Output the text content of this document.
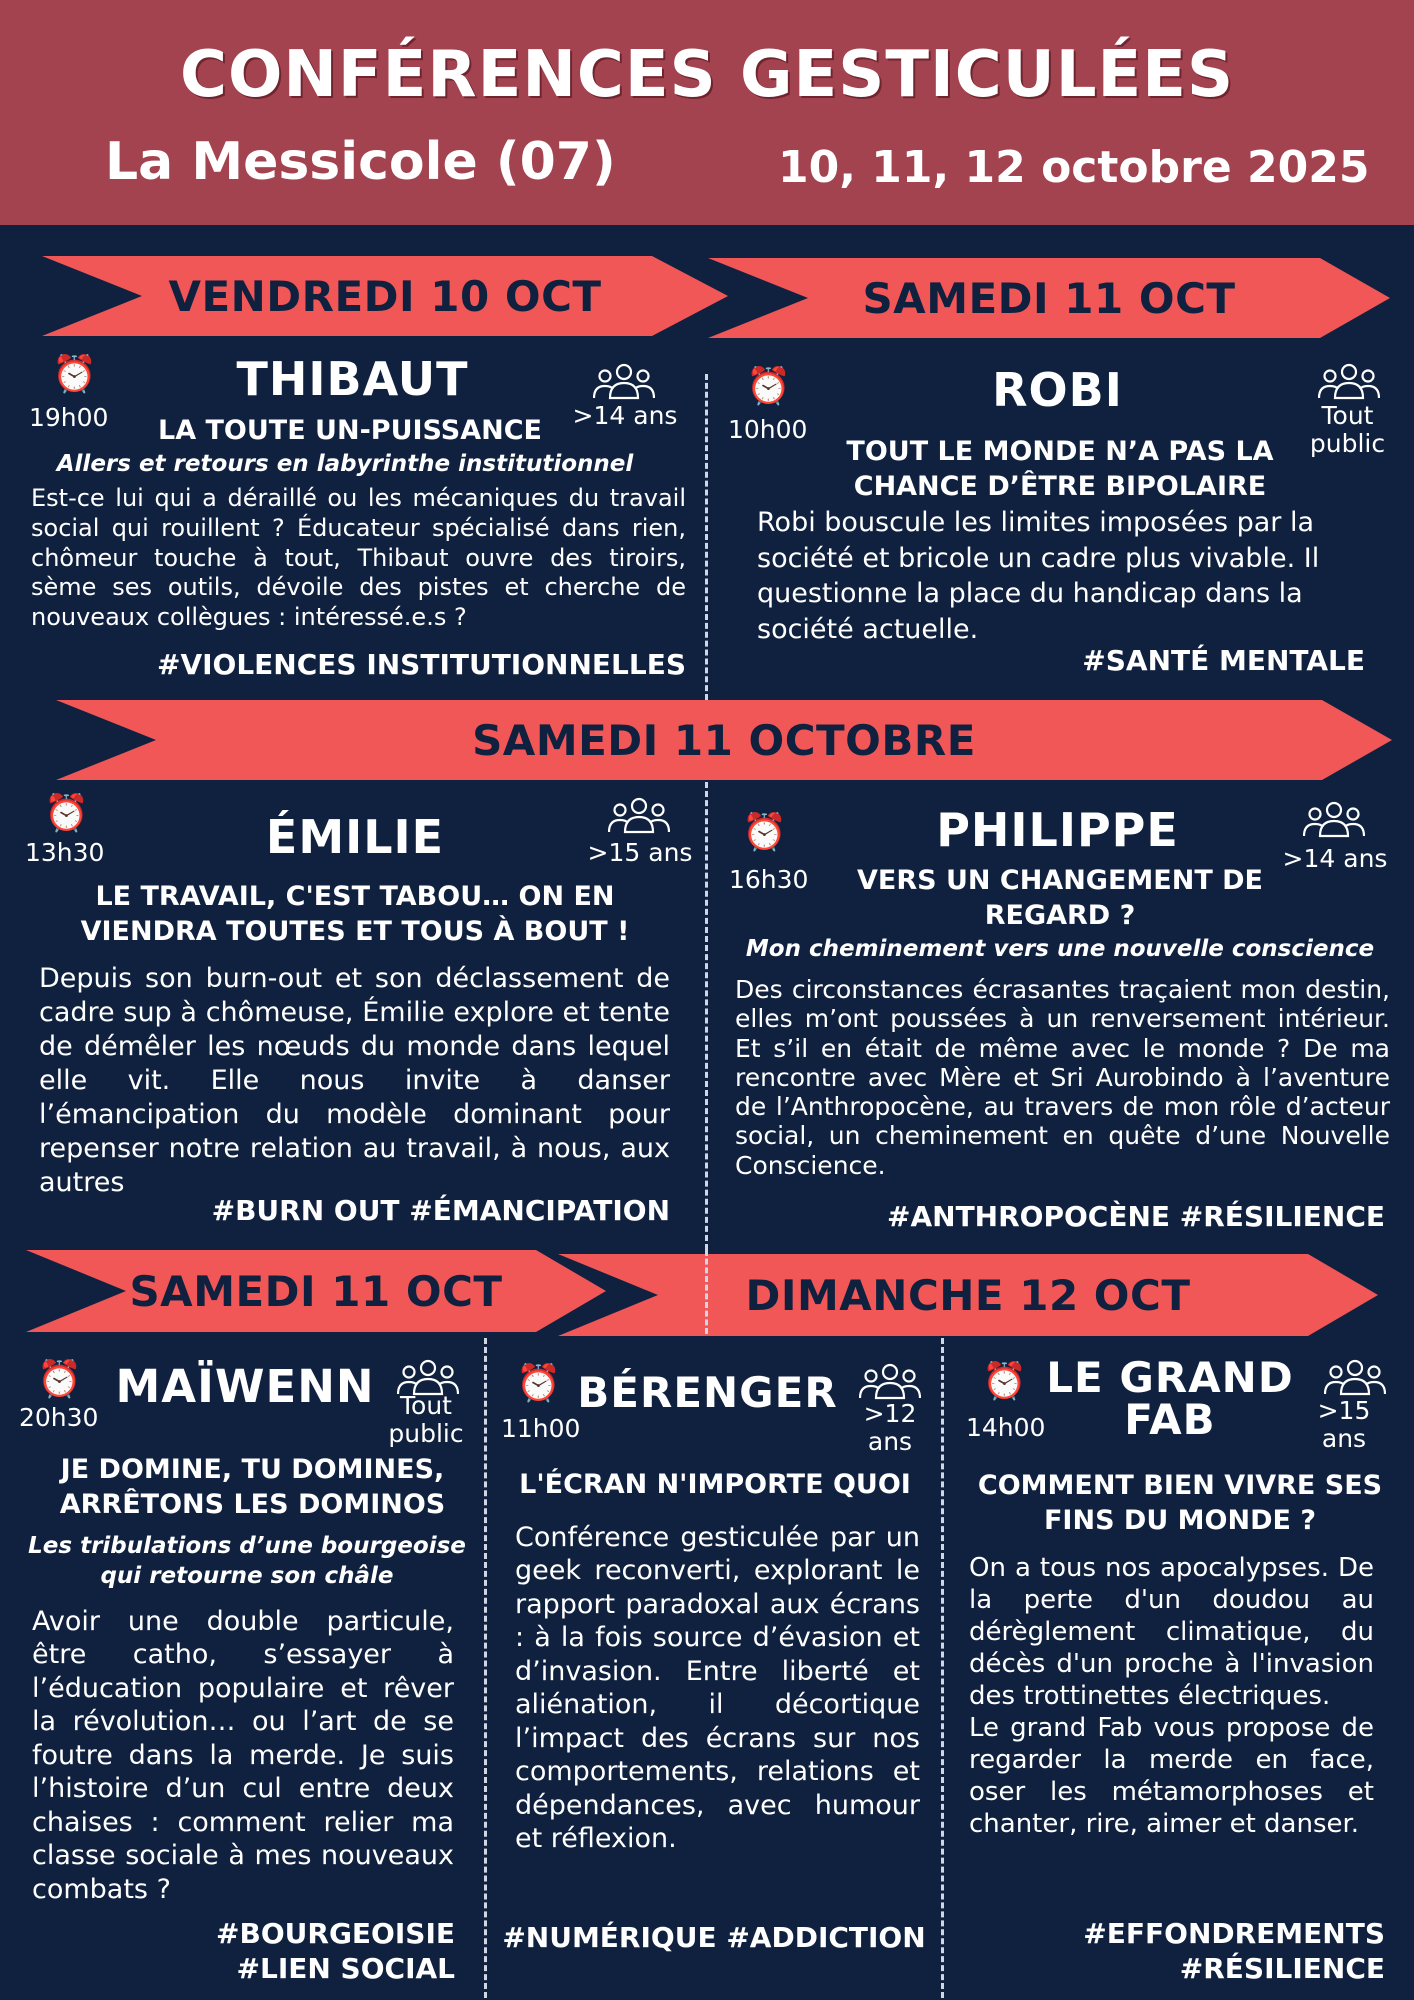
CONFÉRENCES GESTICULÉES
La Messicole (07)	10, 11, 12 octobre 2025
VENDREDI 10 OCT	SAMEDI 11 OCT
SAMEDI 11 OCTOBRE
SAMEDI 11 OCT	DIMANCHE 12 OCT
⏰
19h00	>14 ans
THIBAUT
LA TOUTE UN-PUISSANCE
Allers et retours en labyrinthe institutionnel
Est-ce lui qui a déraillé ou les mécaniques du travail social qui rouillent ? Éducateur spécialisé dans rien, chômeur touche à tout, Thibaut ouvre des tiroirs, sème ses outils, dévoile des pistes et cherche de nouveaux collègues : intéressé.e.s ?
#VIOLENCES INSTITUTIONNELLES
⏰
10h00	Tout public
ROBI
TOUT LE MONDE N’A PAS LA CHANCE D’ÊTRE BIPOLAIRE
Robi bouscule les limites imposées par la société et bricole un cadre plus vivable. Il questionne la place du handicap dans la société actuelle.
#SANTÉ MENTALE
⏰
13h30	>15 ans
ÉMILIE
LE TRAVAIL, C'EST TABOU… ON EN VIENDRA TOUTES ET TOUS À BOUT !
Depuis son burn-out et son déclassement de cadre sup à chômeuse, Émilie explore et tente de démêler les nœuds du monde dans lequel elle vit. Elle nous invite à danser l’émancipation du modèle dominant pour repenser notre relation au travail, à nous, aux autres
#BURN OUT #ÉMANCIPATION
⏰
16h30
>14 ans
PHILIPPE
VERS UN CHANGEMENT DE REGARD ?
Mon cheminement vers une nouvelle conscience
Des circonstances écrasantes traçaient mon destin, elles m’ont poussées à un renversement intérieur. Et s’il en était de même avec le monde ? De ma rencontre avec Mère et Sri Aurobindo à l’aventure de l’Anthropocène, au travers de mon rôle d’acteur social, un cheminement en quête d’une Nouvelle Conscience.
#ANTHROPOCÈNE #RÉSILIENCE
⏰
20h30	Tout public
MAÏWENN
JE DOMINE, TU DOMINES, ARRÊTONS LES DOMINOS
Les tribulations d’une bourgeoise qui retourne son châle
Avoir une double particule, être catho, s’essayer à l’éducation populaire et rêver la révolution… ou l’art de se foutre dans la merde. Je suis l’histoire d’un cul entre deux chaises : comment relier ma classe sociale à mes nouveaux combats ?
#BOURGEOISIE
#LIEN SOCIAL
⏰
11h00
>12 ans
BÉRENGER
L'ÉCRAN N'IMPORTE QUOI
Conférence gesticulée par un geek reconverti, explorant le rapport paradoxal aux écrans : à la fois source d’évasion et d’invasion. Entre liberté et aliénation, il décortique l’impact des écrans sur nos comportements, relations et dépendances, avec humour et réflexion.
#NUMÉRIQUE #ADDICTION
⏰
14h00
>15 ans
LE GRAND
FAB
COMMENT BIEN VIVRE SES FINS DU MONDE ?
On a tous nos apocalypses. De la perte d'un doudou au dérèglement climatique, du décès d'un proche à l'invasion des trottinettes électriques.
Le grand Fab vous propose de regarder la merde en face, oser les métamorphoses et chanter, rire, aimer et danser.
#EFFONDREMENTS
#RÉSILIENCE
